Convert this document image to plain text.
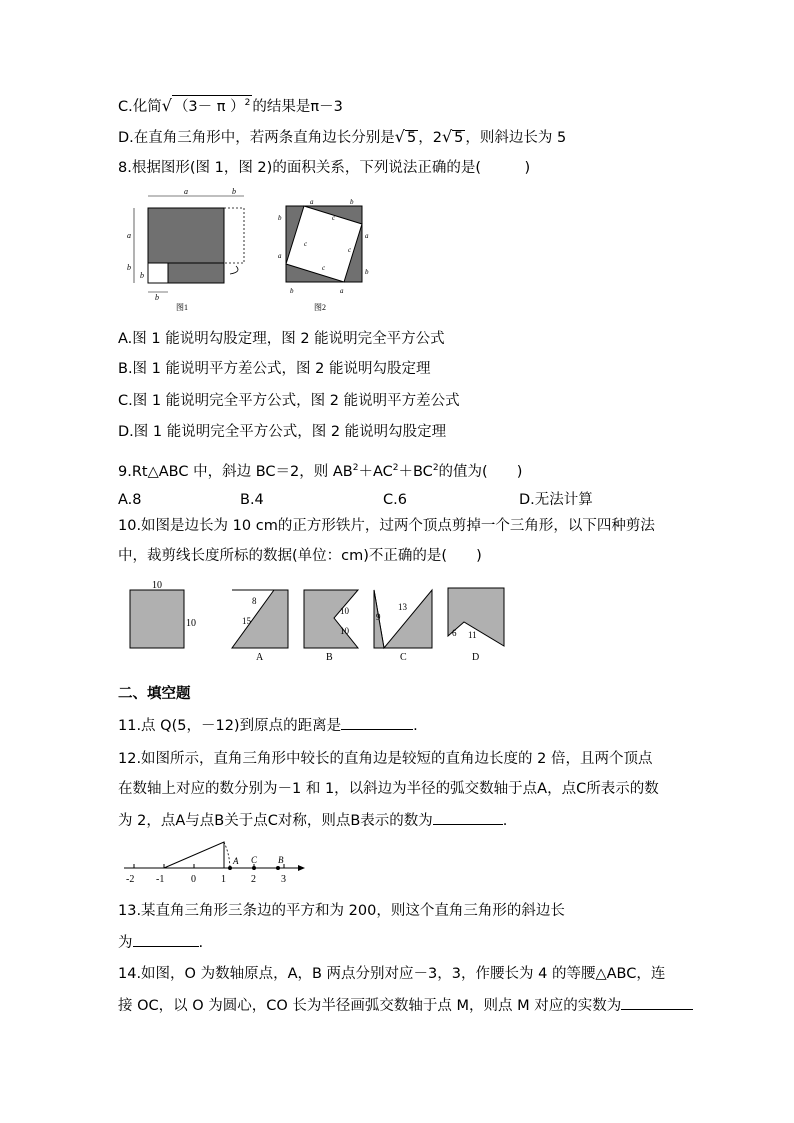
C.化简√ （3－ π ）$^2$ 的结果是π－3
D.在直角三角形中，若两条直角边长分别是√ 5 ，2√ 5 ，则斜边长为 5
8.根据图形(图 1，图 2)的面积关系，下列说法正确的是(　　　)
a	b
a
b
b
b
图1
a	b
c
a
c
b
a
c
c
b
b
a
图2
A.图 1 能说明勾股定理，图 2 能说明完全平方公式
B.图 1 能说明平方差公式，图 2 能说明勾股定理
C.图 1 能说明完全平方公式，图 2 能说明平方差公式
D.图 1 能说明完全平方公式，图 2 能说明勾股定理
9.Rt△ABC 中，斜边 BC＝2，则 $AB^2+AC^2+BC^2$的值为(　　)
A.8	B.4	C.6	D.无法计算
10.如图是边长为 10 cm的正方形铁片，过两个顶点剪掉一个三角形，以下四种剪法
中，裁剪线长度所标的数据(单位：cm)不正确的是(　　)
10
10
8
15
A
10
10
B
9
13
C
6 11
D
二、填空题
11.点 Q(5，－12)到原点的距离是	.
12.如图所示，直角三角形中较长的直角边是较短的直角边长度的 2 倍，且两个顶点
在数轴上对应的数分别为－1 和 1，以斜边为半径的弧交数轴于点A，点C所表示的数
为 2，点A与点B关于点C对称，则点B表示的数为	.
A C B
-2 -1	0	1	2	3
13.某直角三角形三条边的平方和为 200，则这个直角三角形的斜边长
为	.
14.如图，O 为数轴原点，A，B 两点分别对应－3，3，作腰长为 4 的等腰△ABC，连
接 OC，以 O 为圆心，CO 长为半径画弧交数轴于点 M，则点 M 对应的实数为
